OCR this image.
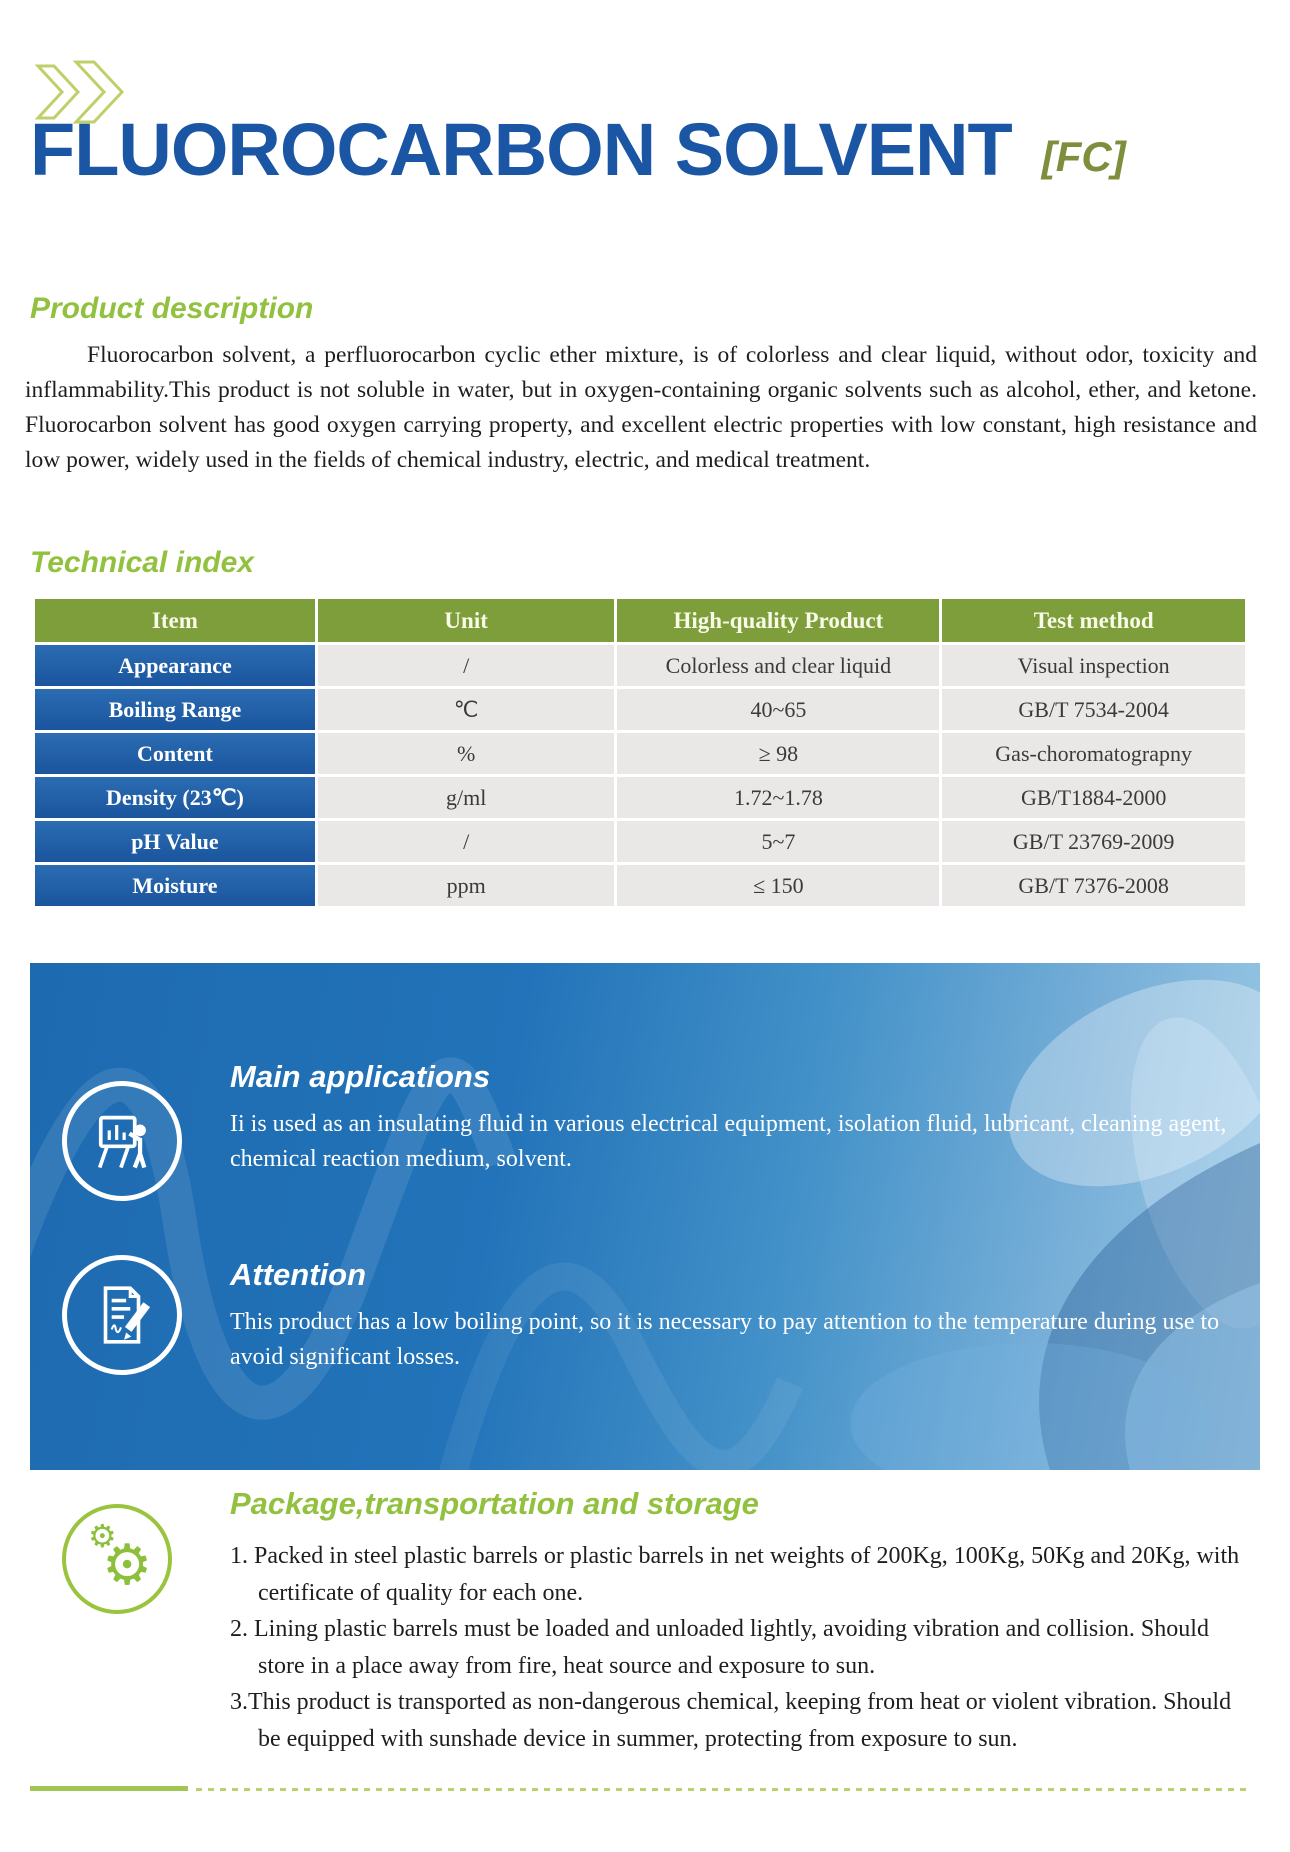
FLUOROCARBON SOLVENT [FC]
Product description
Fluorocarbon solvent, a perfluorocarbon cyclic ether mixture, is of colorless and clear liquid, without odor, toxicity and inflammability.This product is not soluble in water, but in oxygen-containing organic solvents such as alcohol, ether, and ketone. Fluorocarbon solvent has good oxygen carrying property, and excellent electric properties with low constant, high resistance and low power, widely used in the fields of chemical industry, electric, and medical treatment.
Technical index
Item	Unit	High-quality Product	Test method
Appearance	/	Colorless and clear liquid	Visual inspection
Boiling Range	℃	40~65	GB/T 7534-2004
Content	%	≥ 98	Gas-choromatograpny
Density (23℃)	g/ml	1.72~1.78	GB/T1884-2000
pH Value	/	5~7	GB/T 23769-2009
Moisture	ppm	≤ 150	GB/T 7376-2008
Main applications
Ii is used as an insulating fluid in various electrical equipment, isolation fluid, lubricant, cleaning agent, chemical reaction medium, solvent.
Attention
This product has a low boiling point, so it is necessary to pay attention to the temperature during use to avoid significant losses.
⚙
⚙
Package,transportation and storage
1. Packed in steel plastic barrels or plastic barrels in net weights of 200Kg, 100Kg, 50Kg and 20Kg, with certificate of quality for each one.
2. Lining plastic barrels must be loaded and unloaded lightly, avoiding vibration and collision. Should store in a place away from fire, heat source and exposure to sun.
3.This product is transported as non-dangerous chemical, keeping from heat or violent vibration. Should be equipped with sunshade device in summer, protecting from exposure to sun.
